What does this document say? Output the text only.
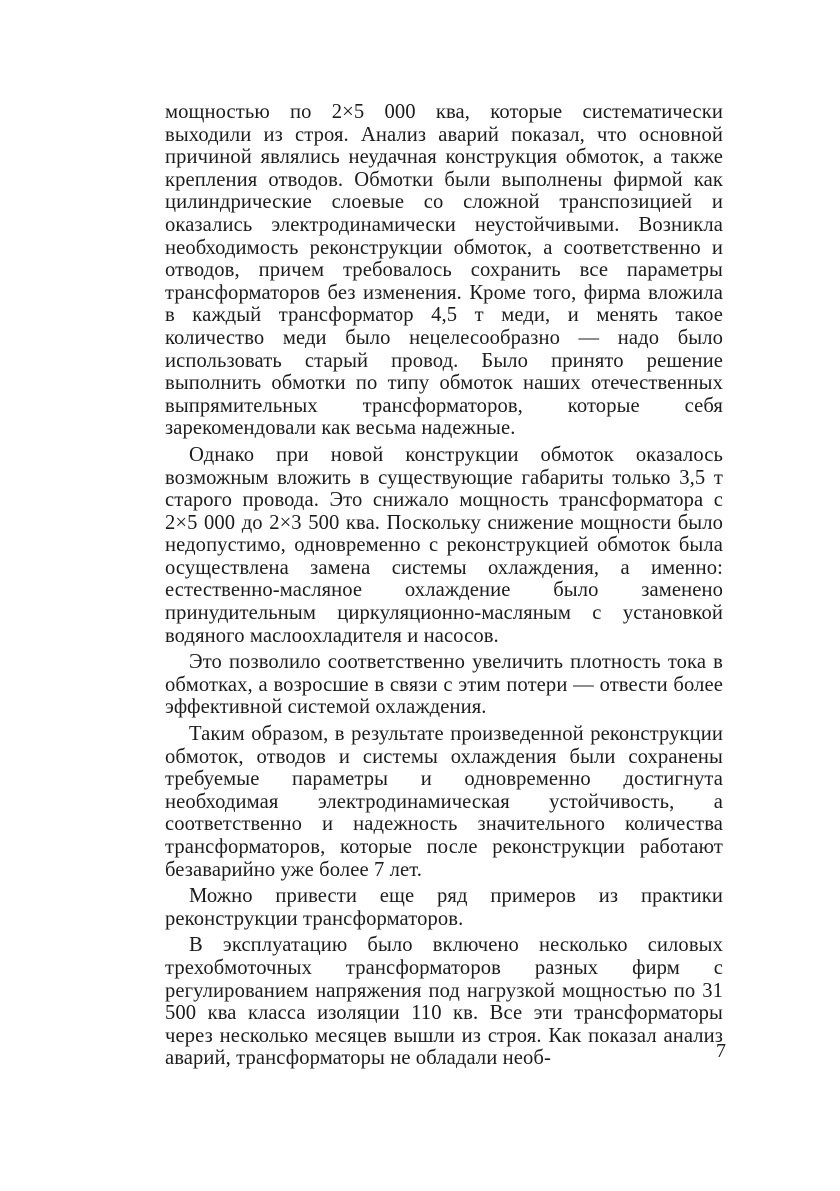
мощностью по 2×5 000 ква, которые систематически выходили из строя. Анализ аварий показал, что основной причиной являлись неудачная конструкция обмоток, а также крепления отводов. Обмотки были выполнены фирмой как цилиндрические слоевые со сложной транспозицией и оказались электродинамически неустойчивыми. Возникла необходимость реконструкции обмоток, а соответственно и отводов, причем требовалось сохранить все параметры трансформаторов без изменения. Кроме того, фирма вложила в каждый трансформатор 4,5 т меди, и менять такое количество меди было нецелесообразно — надо было использовать старый провод. Было принято решение выполнить обмотки по типу обмоток наших отечественных выпрямительных трансформаторов, которые себя зарекомендовали как весьма надежные.

Однако при новой конструкции обмоток оказалось возможным вложить в существующие габариты только 3,5 т старого провода. Это снижало мощность трансформатора с 2×5 000 до 2×3 500 ква. Поскольку снижение мощности было недопустимо, одновременно с реконструкцией обмоток была осуществлена замена системы охлаждения, а именно: естественно-масляное охлаждение было заменено принудительным циркуляционно-масляным с установкой водяного маслоохладителя и насосов.

Это позволило соответственно увеличить плотность тока в обмотках, а возросшие в связи с этим потери — отвести более эффективной системой охлаждения.

Таким образом, в результате произведенной реконструкции обмоток, отводов и системы охлаждения были сохранены требуемые параметры и одновременно достигнута необходимая электродинамическая устойчивость, а соответственно и надежность значительного количества трансформаторов, которые после реконструкции работают безаварийно уже более 7 лет.

Можно привести еще ряд примеров из практики реконструкции трансформаторов.

В эксплуатацию было включено несколько силовых трехобмоточных трансформаторов разных фирм с регулированием напряжения под нагрузкой мощностью по 31 500 ква класса изоляции 110 кв. Все эти трансформаторы через несколько месяцев вышли из строя. Как показал анализ аварий, трансформаторы не обладали необ-	7
